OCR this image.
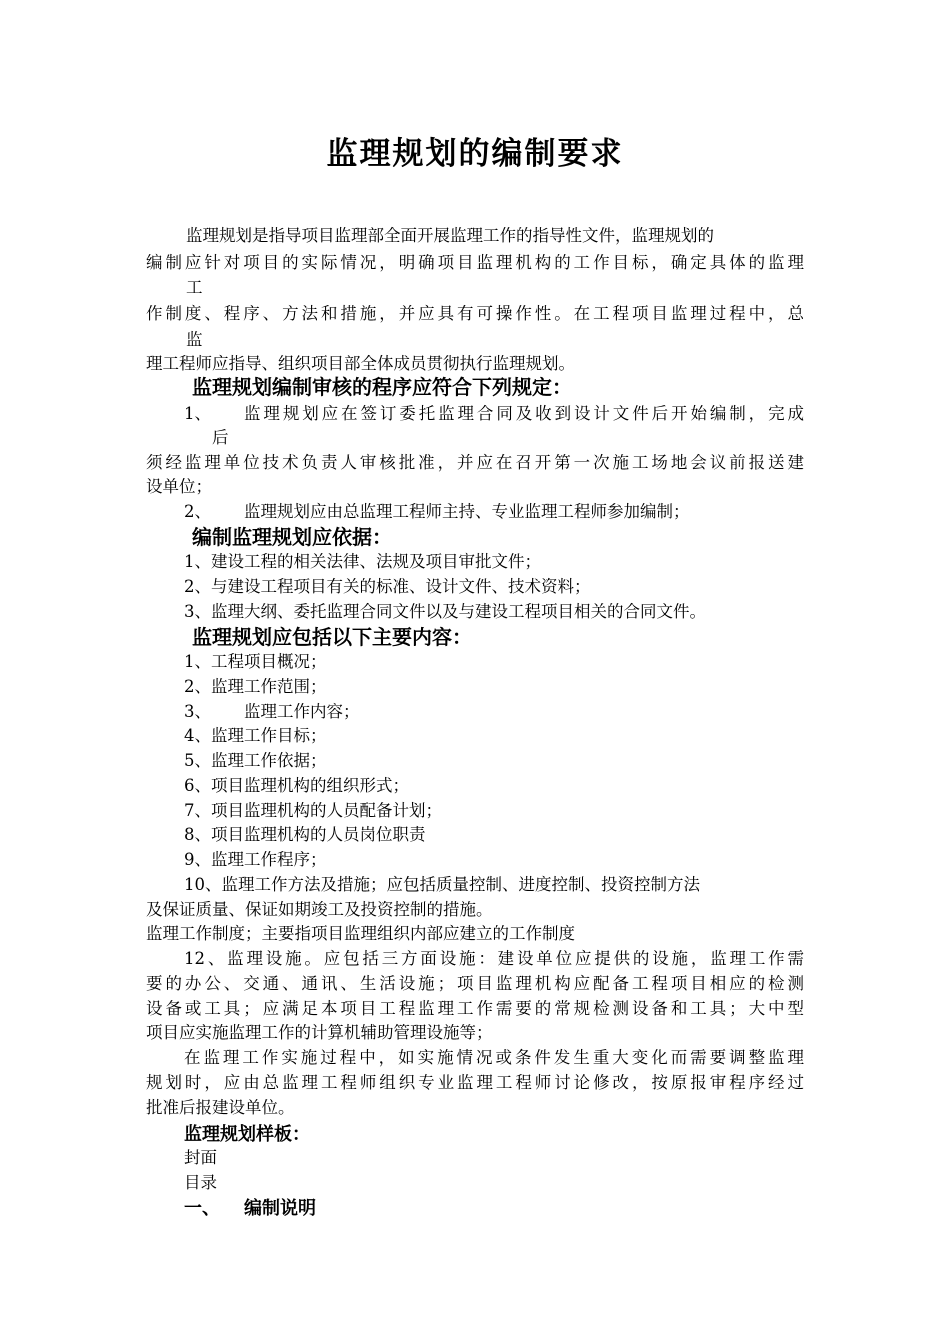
监理规划的编制要求
监理规划是指导项目监理部全面开展监理工作的指导性文件，监理规划的
编制应针对项目的实际情况，明确项目监理机构的工作目标，确定具体的监理
工
作制度、程序、方法和措施，并应具有可操作性。在工程项目监理过程中，总
监
理工程师应指导、组织项目部全体成员贯彻执行监理规划。
监理规划编制审核的程序应符合下列规定：
1、 监理规划应在签订委托监理合同及收到设计文件后开始编制，完成
后
须经监理单位技术负责人审核批准，并应在召开第一次施工场地会议前报送建
设单位；
2、 监理规划应由总监理工程师主持、专业监理工程师参加编制；
编制监理规划应依据：
1、建设工程的相关法律、法规及项目审批文件；
2、与建设工程项目有关的标准、设计文件、技术资料；
3、监理大纲、委托监理合同文件以及与建设工程项目相关的合同文件。
监理规划应包括以下主要内容：
1、工程项目概况；
2、监理工作范围；
3、 监理工作内容；
4、监理工作目标；
5、监理工作依据；
6、项目监理机构的组织形式；
7、项目监理机构的人员配备计划；
8、项目监理机构的人员岗位职责
9、监理工作程序；
10、监理工作方法及措施；应包括质量控制、进度控制、投资控制方法
及保证质量、保证如期竣工及投资控制的措施。
监理工作制度；主要指项目监理组织内部应建立的工作制度
12、监理设施。应包括三方面设施：建设单位应提供的设施，监理工作需
要的办公、交通、通讯、生活设施；项目监理机构应配备工程项目相应的检测
设备或工具；应满足本项目工程监理工作需要的常规检测设备和工具；大中型
项目应实施监理工作的计算机辅助管理设施等；
在监理工作实施过程中，如实施情况或条件发生重大变化而需要调整监理
规划时，应由总监理工程师组织专业监理工程师讨论修改，按原报审程序经过
批准后报建设单位。
监理规划样板：
封面
目录
一、 编制说明
